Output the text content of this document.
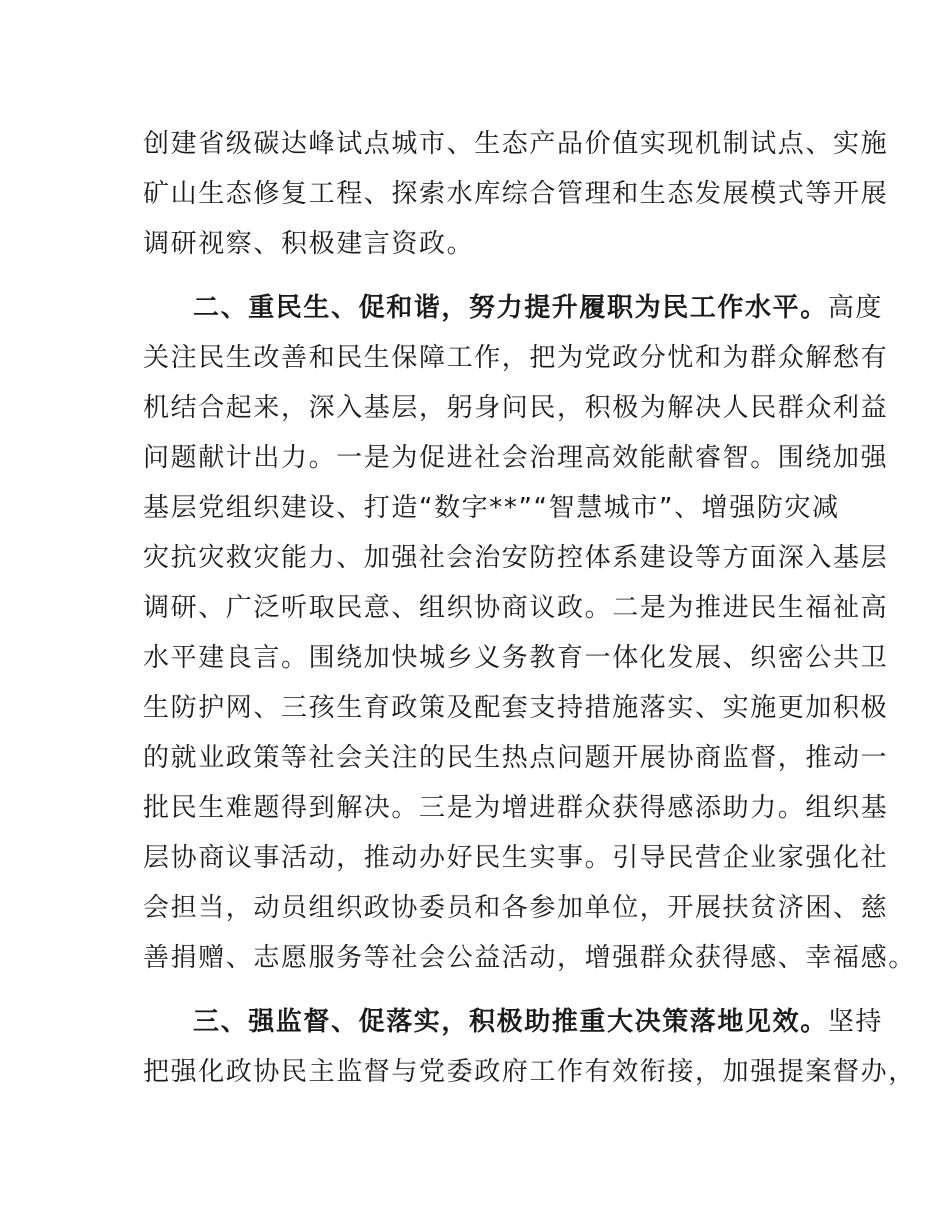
创建省级碳达峰试点城市、生态产品价值实现机制试点、实施
矿山生态修复工程、探索水库综合管理和生态发展模式等开展
调研视察、积极建言资政。
二、重民生、促和谐，努力提升履职为民工作水平。高度
关注民生改善和民生保障工作，把为党政分忧和为群众解愁有
机结合起来，深入基层，躬身问民，积极为解决人民群众利益
问题献计出力。一是为促进社会治理高效能献睿智。围绕加强
基层党组织建设、打造“数字**”“智慧城市”、增强防灾减
灾抗灾救灾能力、加强社会治安防控体系建设等方面深入基层
调研、广泛听取民意、组织协商议政。二是为推进民生福祉高
水平建良言。围绕加快城乡义务教育一体化发展、织密公共卫
生防护网、三孩生育政策及配套支持措施落实、实施更加积极
的就业政策等社会关注的民生热点问题开展协商监督，推动一
批民生难题得到解决。三是为增进群众获得感添助力。组织基
层协商议事活动，推动办好民生实事。引导民营企业家强化社
会担当，动员组织政协委员和各参加单位，开展扶贫济困、慈
善捐赠、志愿服务等社会公益活动，增强群众获得感、幸福感。
三、强监督、促落实，积极助推重大决策落地见效。坚持
把强化政协民主监督与党委政府工作有效衔接，加强提案督办，
